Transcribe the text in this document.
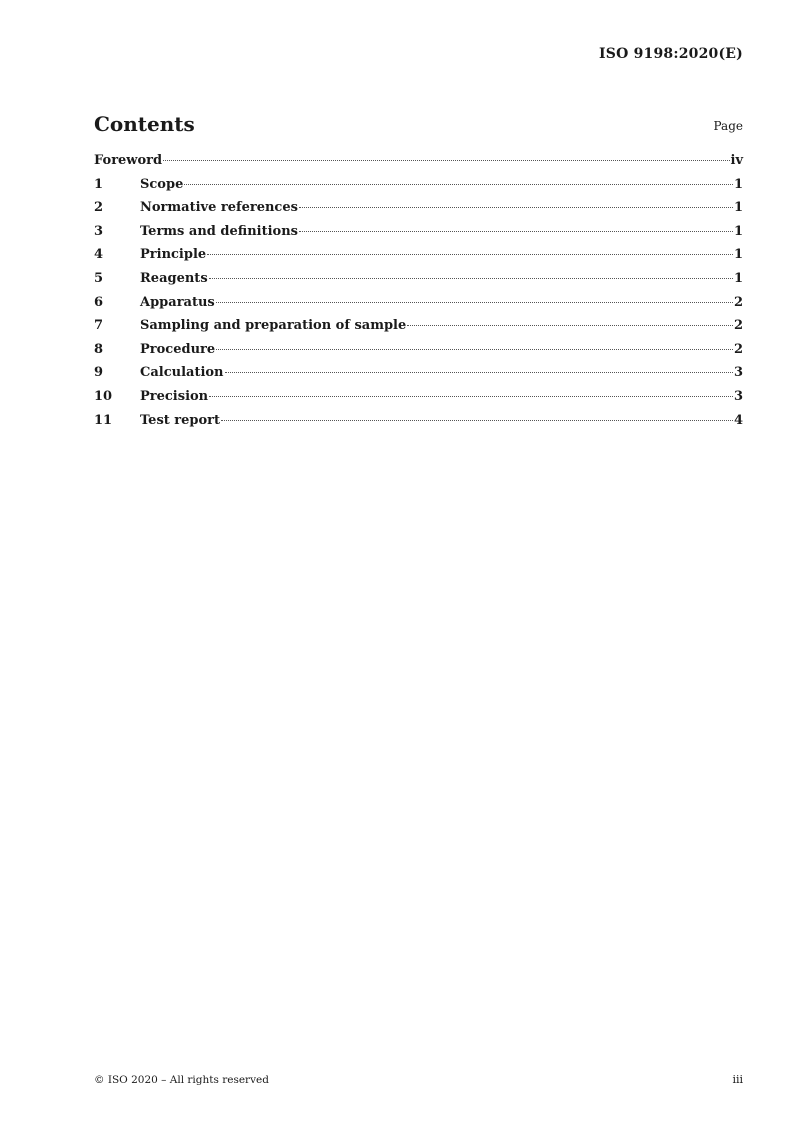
ISO 9198:2020(E)
Contents	Page
Foreword	iv
1	Scope	1
2	Normative references	1
3	Terms and definitions	1
4	Principle	1
5	Reagents	1
6	Apparatus	2
7	Sampling and preparation of sample	2
8	Procedure	2
9	Calculation	3
10	Precision	3
11	Test report	4
© ISO 2020 – All rights reserved	iii
